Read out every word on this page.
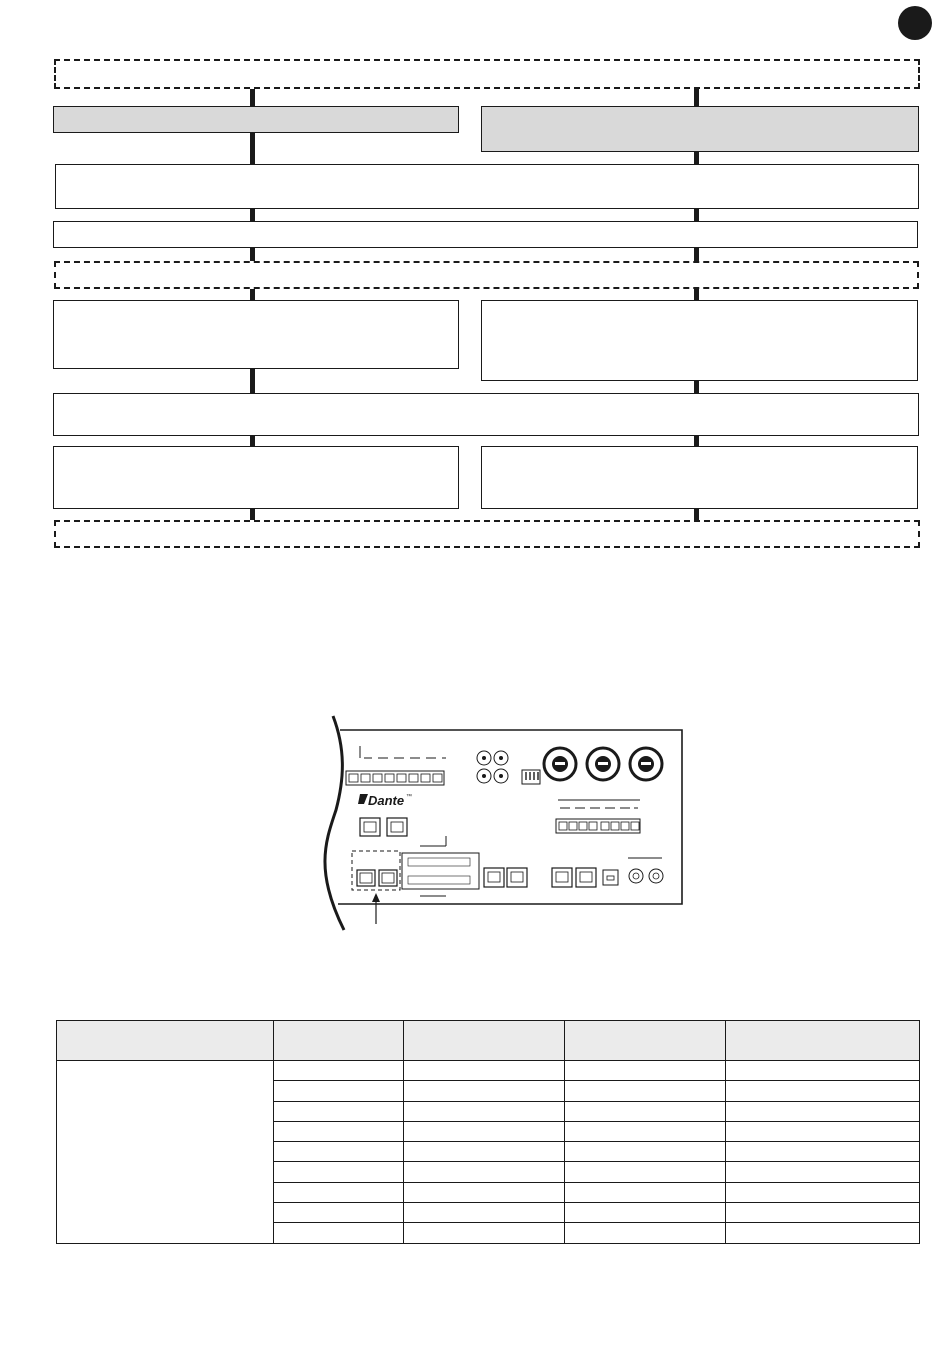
Dante ™
